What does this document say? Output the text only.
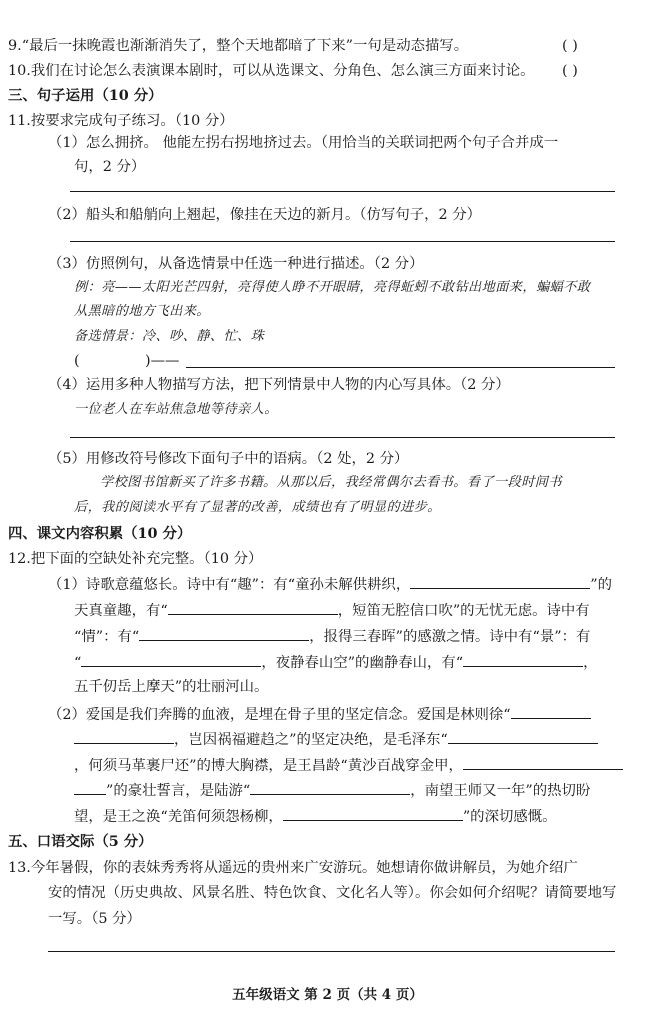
9.“最后一抹晚霞也渐渐消失了，整个天地都暗了下来”一句是动态描写。	( )
10.我们在讨论怎么表演课本剧时，可以从选课文、分角色、怎么演三方面来讨论。 ( )
三、句子运用（10 分）
11.按要求完成句子练习。（10 分）
（1）怎么拥挤。 他能左拐右拐地挤过去。（用恰当的关联词把两个句子合并成一
句，2 分）
（2）船头和船艄向上翘起，像挂在天边的新月。（仿写句子，2 分）
（3）仿照例句，从备选情景中任选一种进行描述。（2 分）
例：亮——太阳光芒四射，亮得使人睁不开眼睛，亮得蚯蚓不敢钻出地面来，蝙蝠不敢
从黑暗的地方飞出来。
备选情景：冷、吵、静、忙、珠
(	)——
（4）运用多种人物描写方法，把下列情景中人物的内心写具体。（2 分）
一位老人在车站焦急地等待亲人。
（5）用修改符号修改下面句子中的语病。（2 处，2 分）
学校图书馆新买了许多书籍。从那以后，我经常偶尔去看书。看了一段时间书
后，我的阅读水平有了显著的改善，成绩也有了明显的进步。
四、课文内容积累（10 分）
12.把下面的空缺处补充完整。（10 分）
（1）诗歌意蕴悠长。诗中有“趣”：有“童孙未解供耕织，	”的
天真童趣，有“	，短笛无腔信口吹”的无忧无虑。诗中有
“情”：有“	，报得三春晖”的感激之情。诗中有“景”：有
“	，夜静春山空”的幽静春山，有“	，
五千仞岳上摩天”的壮丽河山。
（2）爱国是我们奔腾的血液，是埋在骨子里的坚定信念。爱国是林则徐“
，岂因祸福避趋之”的坚定决绝，是毛泽东“
，何须马革裹尸还”的博大胸襟，是王昌龄“黄沙百战穿金甲，
”的豪壮誓言，是陆游“	，南望王师又一年”的热切盼
望，是王之涣“羌笛何须怨杨柳，	”的深切感慨。
五、口语交际（5 分）
13.今年暑假，你的表妹秀秀将从遥远的贵州来广安游玩。她想请你做讲解员，为她介绍广
安的情况（历史典故、风景名胜、特色饮食、文化名人等）。你会如何介绍呢？请简要地写
一写。（5 分）
五年级语文 第 2 页（共 4 页）
